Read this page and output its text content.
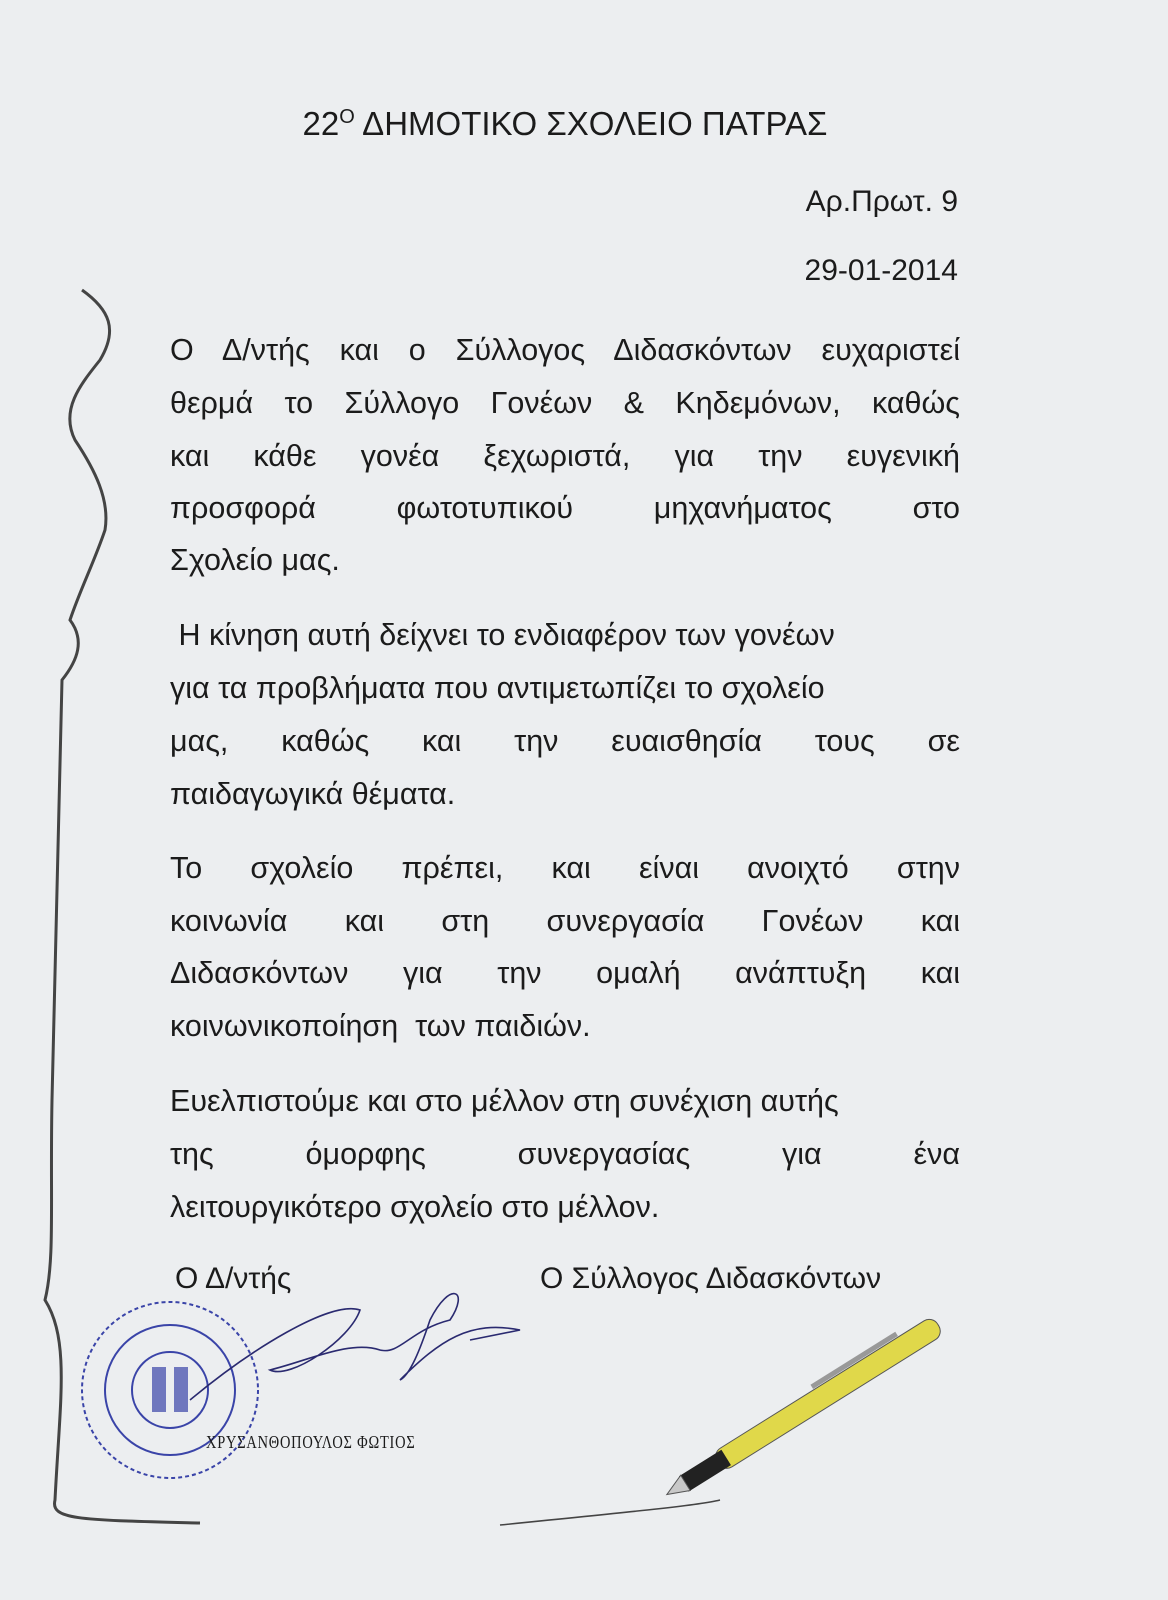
$22^O$ ΔΗΜΟΤΙΚΟ ΣΧΟΛΕΙΟ ΠΑΤΡΑΣ
Αρ.Πρωτ. 9
29-01-2014
Ο Δ/ντής και ο Σύλλογος Διδασκόντων ευχαριστεί
θερμά το Σύλλογο Γονέων & Κηδεμόνων, καθώς
και κάθε γονέα ξεχωριστά, για την ευγενική
προσφορά φωτοτυπικού μηχανήματος στο
Σχολείο μας.
Η κίνηση αυτή δείχνει το ενδιαφέρον των γονέων
για τα προβλήματα που αντιμετωπίζει το σχολείο
μας, καθώς και την ευαισθησία τους σε
παιδαγωγικά θέματα.
Το σχολείο πρέπει, και είναι ανοιχτό στην
κοινωνία και στη συνεργασία Γονέων και
Διδασκόντων για την ομαλή ανάπτυξη και
κοινωνικοποίηση  των παιδιών.
Ευελπιστούμε και στο μέλλον στη συνέχιση αυτής
της όμορφης συνεργασίας για ένα
λειτουργικότερο σχολείο στο μέλλον.
Ο Δ/ντής	Ο Σύλλογος Διδασκόντων
ΧΡΥΣΑΝΘΟΠΟΥΛΟΣ ΦΩΤΙΟΣ
